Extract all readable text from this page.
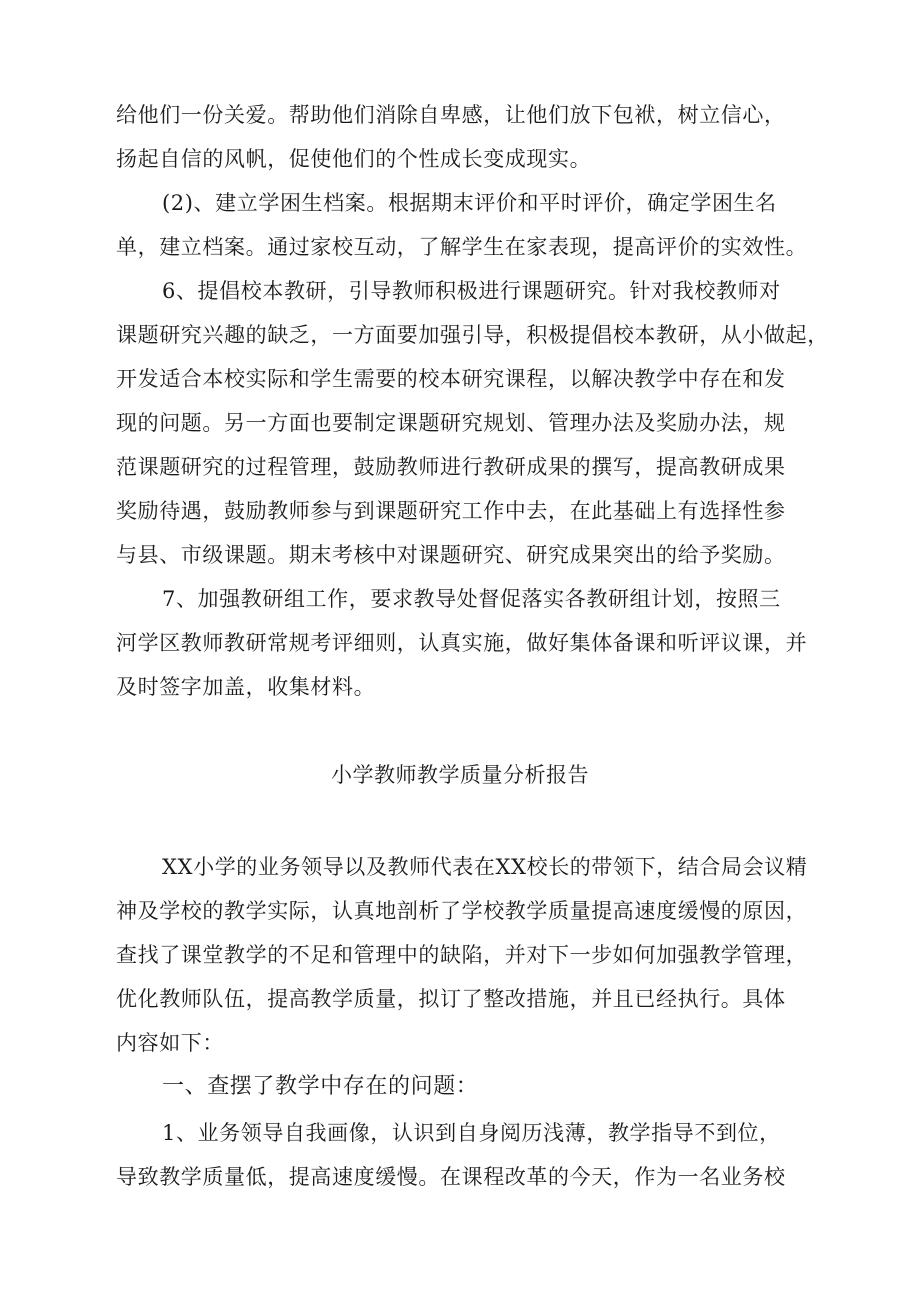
给他们一份关爱。帮助他们消除自卑感，让他们放下包袱，树立信心，
扬起自信的风帆，促使他们的个性成长变成现实。
(2)、建立学困生档案。根据期末评价和平时评价，确定学困生名
单，建立档案。通过家校互动，了解学生在家表现，提高评价的实效性。
6、提倡校本教研，引导教师积极进行课题研究。针对我校教师对
课题研究兴趣的缺乏，一方面要加强引导，积极提倡校本教研，从小做起，
开发适合本校实际和学生需要的校本研究课程，以解决教学中存在和发
现的问题。另一方面也要制定课题研究规划、管理办法及奖励办法，规
范课题研究的过程管理，鼓励教师进行教研成果的撰写，提高教研成果
奖励待遇，鼓励教师参与到课题研究工作中去，在此基础上有选择性参
与县、市级课题。期末考核中对课题研究、研究成果突出的给予奖励。
7、加强教研组工作，要求教导处督促落实各教研组计划，按照三
河学区教师教研常规考评细则，认真实施，做好集体备课和听评议课，并
及时签字加盖，收集材料。
小学教师教学质量分析报告
XX小学的业务领导以及教师代表在XX校长的带领下，结合局会议精
神及学校的教学实际，认真地剖析了学校教学质量提高速度缓慢的原因，
查找了课堂教学的不足和管理中的缺陷，并对下一步如何加强教学管理，
优化教师队伍，提高教学质量，拟订了整改措施，并且已经执行。具体
内容如下：
一、查摆了教学中存在的问题：
1、业务领导自我画像，认识到自身阅历浅薄，教学指导不到位，
导致教学质量低，提高速度缓慢。在课程改革的今天，作为一名业务校
